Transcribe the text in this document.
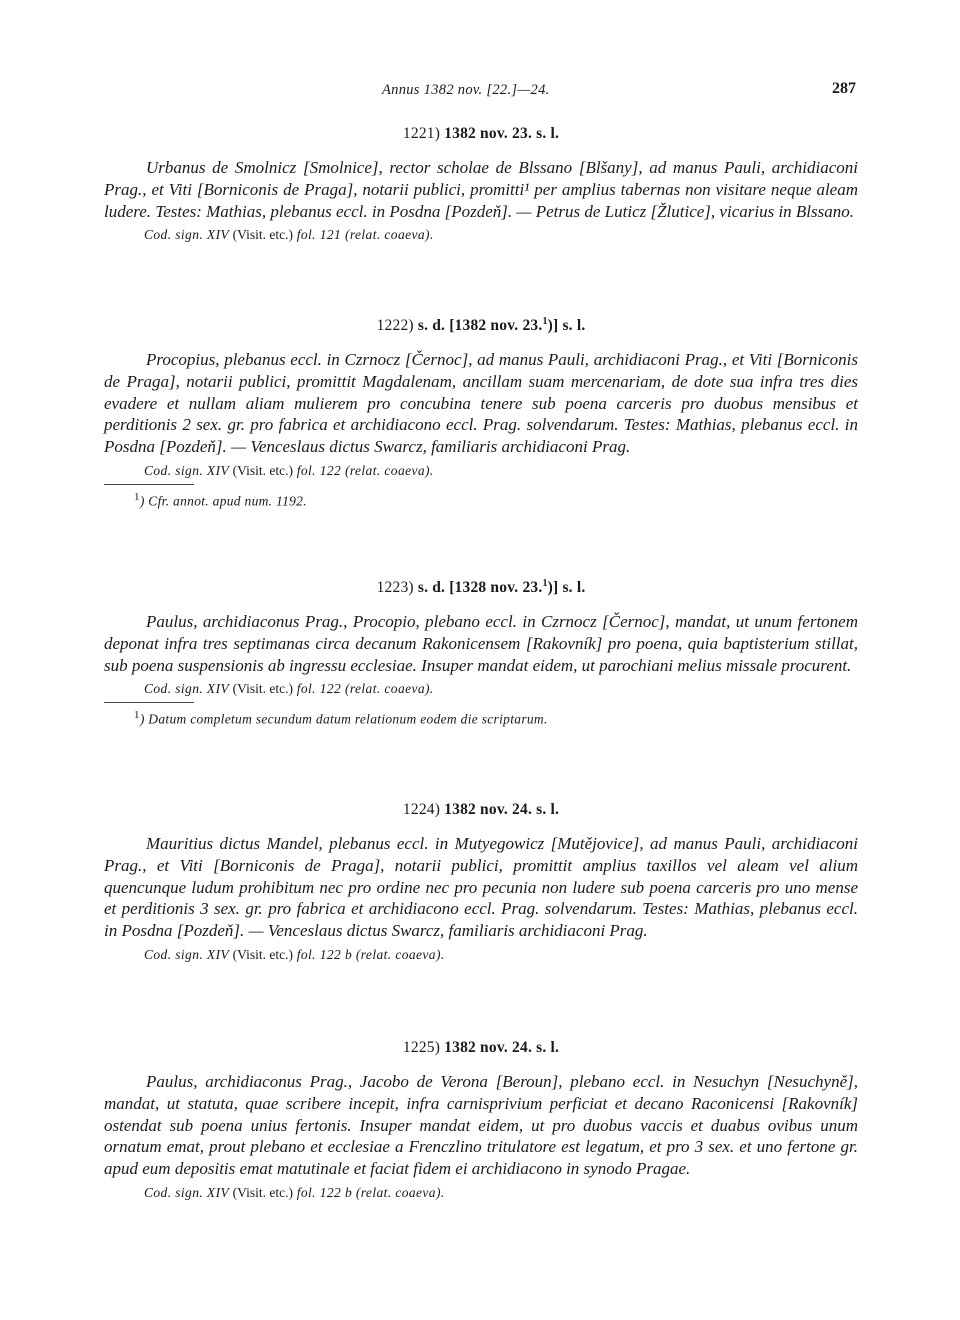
Annus 1382 nov. [22.]—24.	287
1221) 1382 nov. 23. s. l.

Urbanus de Smolnicz [Smolnice], rector scholae de Blssano [Blšany], ad manus Pauli, archidiaconi Prag., et Viti [Borniconis de Praga], notarii publici, promitti¹ per amplius tabernas non visitare neque aleam ludere. Testes: Mathias, plebanus eccl. in Posdna [Pozdeň]. — Petrus de Luticz [Žlutice], vicarius in Blssano.

Cod. sign. XIV (Visit. etc.) fol. 121 (relat. coaeva).

1222) s. d. [1382 nov. 23.$^1$)] s. l.

Procopius, plebanus eccl. in Czrnocz [Černoc], ad manus Pauli, archidiaconi Prag., et Viti [Borniconis de Praga], notarii publici, promittit Magdalenam, ancillam suam mercenariam, de dote sua infra tres dies evadere et nullam aliam mulierem pro concubina tenere sub poena carceris pro duobus mensibus et perditionis 2 sex. gr. pro fabrica et archidiacono eccl. Prag. solvendarum. Testes: Mathias, plebanus eccl. in Posdna [Pozdeň]. — Venceslaus dictus Swarcz, familiaris archidiaconi Prag.

Cod. sign. XIV (Visit. etc.) fol. 122 (relat. coaeva).

$^1$) Cfr. annot. apud num. 1192.

1223) s. d. [1328 nov. 23.$^1$)] s. l.

Paulus, archidiaconus Prag., Procopio, plebano eccl. in Czrnocz [Černoc], mandat, ut unum fertonem deponat infra tres septimanas circa decanum Rakonicensem [Rakovník] pro poena, quia baptisterium stillat, sub poena suspensionis ab ingressu ecclesiae. Insuper mandat eidem, ut parochiani melius missale procurent.

Cod. sign. XIV (Visit. etc.) fol. 122 (relat. coaeva).

$^1$) Datum completum secundum datum relationum eodem die scriptarum.

1224) 1382 nov. 24. s. l.

Mauritius dictus Mandel, plebanus eccl. in Mutyegowicz [Mutějovice], ad manus Pauli, archidiaconi Prag., et Viti [Borniconis de Praga], notarii publici, promittit amplius taxillos vel aleam vel alium quencunque ludum prohibitum nec pro ordine nec pro pecunia non ludere sub poena carceris pro uno mense et perditionis 3 sex. gr. pro fabrica et archidiacono eccl. Prag. solvendarum. Testes: Mathias, plebanus eccl. in Posdna [Pozdeň]. — Venceslaus dictus Swarcz, familiaris archidiaconi Prag.

Cod. sign. XIV (Visit. etc.) fol. 122 b (relat. coaeva).

1225) 1382 nov. 24. s. l.

Paulus, archidiaconus Prag., Jacobo de Verona [Beroun], plebano eccl. in Nesuchyn [Nesuchyně], mandat, ut statuta, quae scribere incepit, infra carnisprivium perficiat et decano Raconicensi [Rakovník] ostendat sub poena unius fertonis. Insuper mandat eidem, ut pro duobus vaccis et duabus ovibus unum ornatum emat, prout plebano et ecclesiae a Frenczlino tritulatore est legatum, et pro 3 sex. et uno fertone gr. apud eum depositis emat matutinale et faciat fidem ei archidiacono in synodo Pragae.

Cod. sign. XIV (Visit. etc.) fol. 122 b (relat. coaeva).
